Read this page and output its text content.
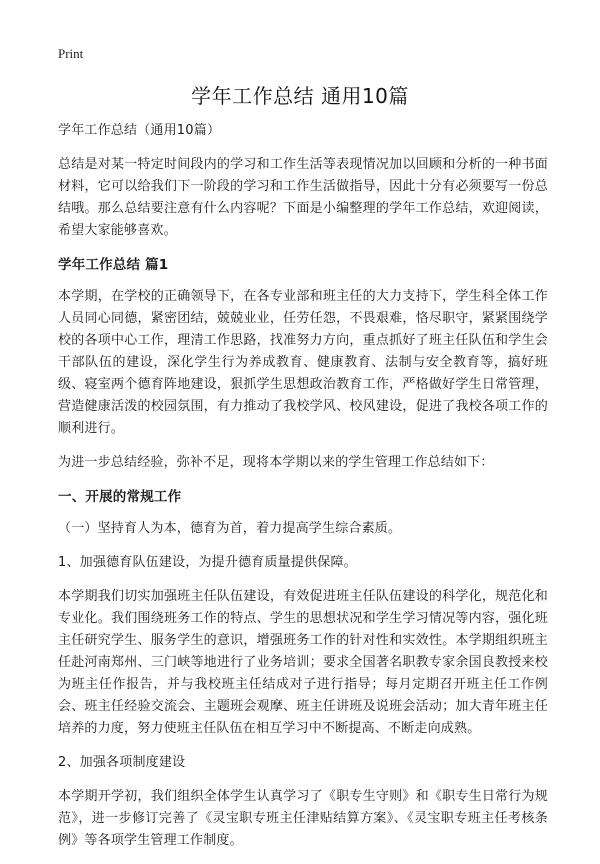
Print
学年工作总结 通用10篇

学年工作总结（通用10篇）

总结是对某一特定时间段内的学习和工作生活等表现情况加以回顾和分析的一种书面材料，它可以给我们下一阶段的学习和工作生活做指导，因此十分有必须要写一份总结哦。那么总结要注意有什么内容呢？下面是小编整理的学年工作总结，欢迎阅读，希望大家能够喜欢。

学年工作总结 篇1

本学期，在学校的正确领导下，在各专业部和班主任的大力支持下，学生科全体工作人员同心同德，紧密团结，兢兢业业，任劳任怨，不畏艰难，恪尽职守，紧紧围绕学校的各项中心工作，理清工作思路，找准努力方向，重点抓好了班主任队伍和学生会干部队伍的建设，深化学生行为养成教育、健康教育、法制与安全教育等，搞好班级、寝室两个德育阵地建设，狠抓学生思想政治教育工作，严格做好学生日常管理，营造健康活泼的校园氛围，有力推动了我校学风、校风建设，促进了我校各项工作的顺利进行。

为进一步总结经验，弥补不足，现将本学期以来的学生管理工作总结如下：

一、开展的常规工作

（一）坚持育人为本，德育为首，着力提高学生综合素质。

1、加强德育队伍建设，为提升德育质量提供保障。

本学期我们切实加强班主任队伍建设，有效促进班主任队伍建设的科学化，规范化和专业化。我们围绕班务工作的特点、学生的思想状况和学生学习情况等内容，强化班主任研究学生、服务学生的意识，增强班务工作的针对性和实效性。本学期组织班主任赴河南郑州、三门峡等地进行了业务培训；要求全国著名职教专家余国良教授来校为班主任作报告，并与我校班主任结成对子进行指导；每月定期召开班主任工作例会、班主任经验交流会、主题班会观摩、班主任讲班及说班会活动；加大青年班主任培养的力度，努力使班主任队伍在相互学习中不断提高、不断走向成熟。

2、加强各项制度建设

本学期开学初，我们组织全体学生认真学习了《职专生守则》和《职专生日常行为规范》，进一步修订完善了《灵宝职专班主任津贴结算方案》、《灵宝职专班主任考核条例》等各项学生管理工作制度。
